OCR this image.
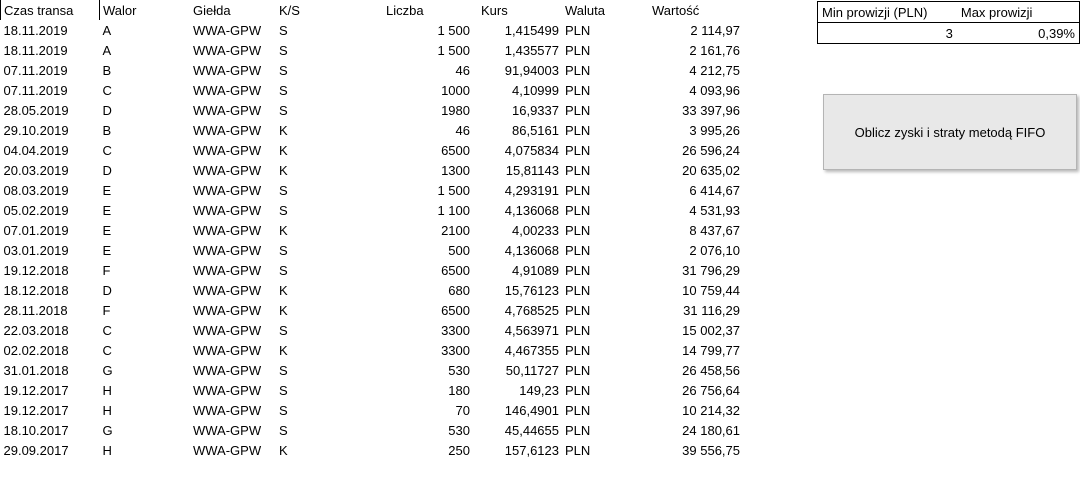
Czas transa	Walor	Giełda	K/S	Liczba	Kurs	Waluta	Wartość
18.11.2019	A	WWA-GPW	S	1 500	1,415499	PLN	2 114,97
18.11.2019	A	WWA-GPW	S	1 500	1,435577	PLN	2 161,76
07.11.2019	B	WWA-GPW	S	46	91,94003	PLN	4 212,75
07.11.2019	C	WWA-GPW	S	1000	4,10999	PLN	4 093,96
28.05.2019	D	WWA-GPW	S	1980	16,9337	PLN	33 397,96
29.10.2019	B	WWA-GPW	K	46	86,5161	PLN	3 995,26
04.04.2019	C	WWA-GPW	K	6500	4,075834	PLN	26 596,24
20.03.2019	D	WWA-GPW	K	1300	15,81143	PLN	20 635,02
08.03.2019	E	WWA-GPW	S	1 500	4,293191	PLN	6 414,67
05.02.2019	E	WWA-GPW	S	1 100	4,136068	PLN	4 531,93
07.01.2019	E	WWA-GPW	K	2100	4,00233	PLN	8 437,67
03.01.2019	E	WWA-GPW	S	500	4,136068	PLN	2 076,10
19.12.2018	F	WWA-GPW	S	6500	4,91089	PLN	31 796,29
18.12.2018	D	WWA-GPW	K	680	15,76123	PLN	10 759,44
28.11.2018	F	WWA-GPW	K	6500	4,768525	PLN	31 116,29
22.03.2018	C	WWA-GPW	S	3300	4,563971	PLN	15 002,37
02.02.2018	C	WWA-GPW	K	3300	4,467355	PLN	14 799,77
31.01.2018	G	WWA-GPW	S	530	50,11727	PLN	26 458,56
19.12.2017	H	WWA-GPW	S	180	149,23	PLN	26 756,64
19.12.2017	H	WWA-GPW	S	70	146,4901	PLN	10 214,32
18.10.2017	G	WWA-GPW	S	530	45,44655	PLN	24 180,61
29.09.2017	H	WWA-GPW	K	250	157,6123	PLN	39 556,75
Min prowizji (PLN)	Max prowizji
3	0,39%
Oblicz zyski i straty metodą FIFO
